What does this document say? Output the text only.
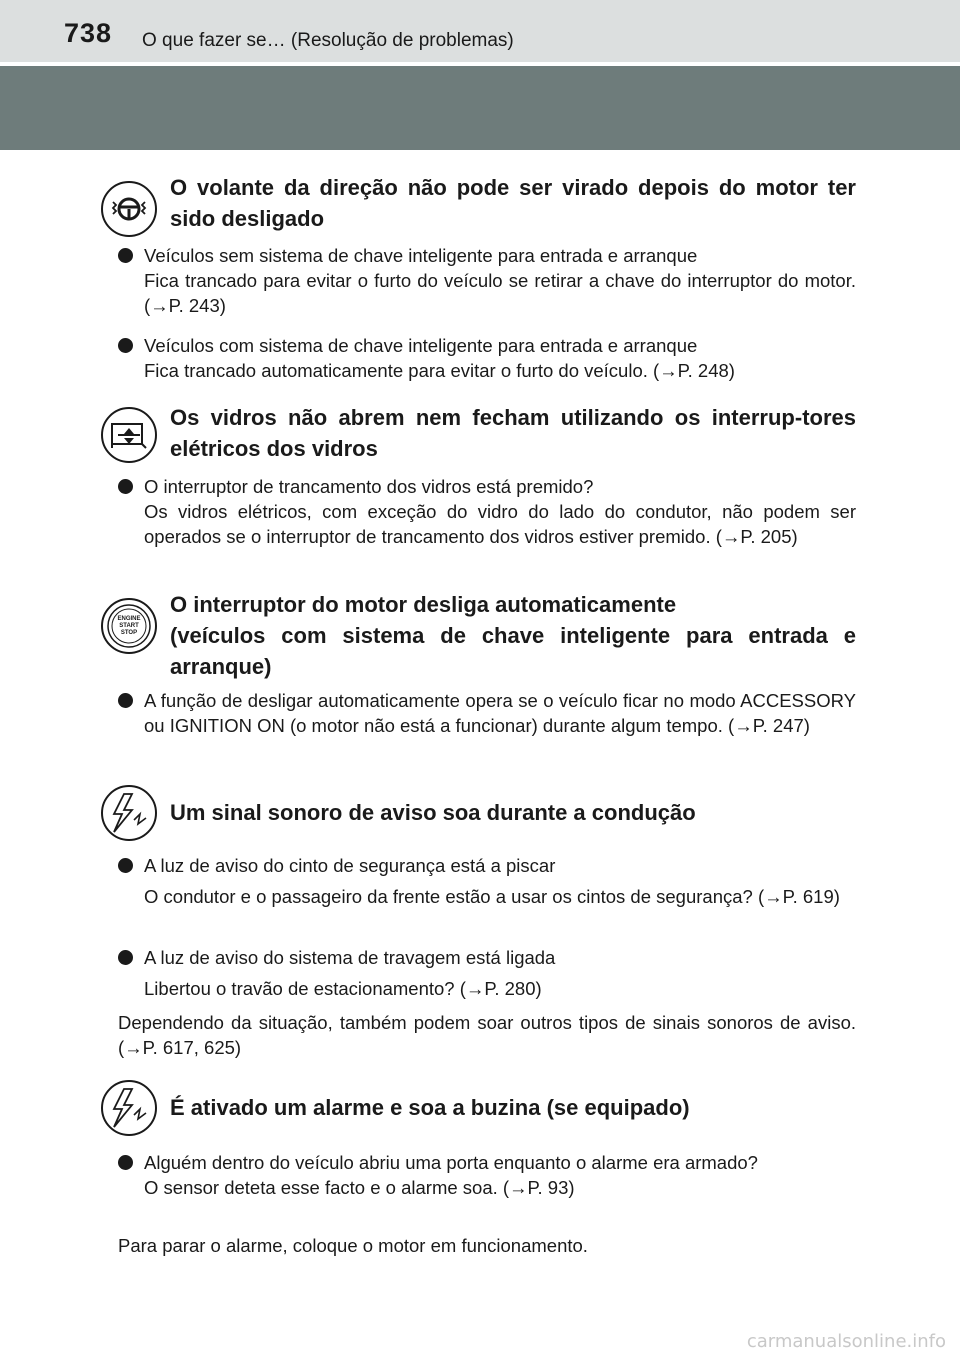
738 O que fazer se… (Resolução de problemas)
O volante da direção não pode ser virado depois do motor ter sido desligado
Veículos sem sistema de chave inteligente para entrada e arranque
Fica trancado para evitar o furto do veículo se retirar a chave do interruptor do motor. (→P. 243)
Veículos com sistema de chave inteligente para entrada e arranque
Fica trancado automaticamente para evitar o furto do veículo. (→P. 248)
Os vidros não abrem nem fecham utilizando os interrup-tores elétricos dos vidros
O interruptor de trancamento dos vidros está premido?
Os vidros elétricos, com exceção do vidro do lado do condutor, não podem ser operados se o interruptor de trancamento dos vidros estiver premido. (→P. 205)
ENGINE
START
STOP
O interruptor do motor desliga automaticamente
(veículos com sistema de chave inteligente para entrada e arranque)
A função de desligar automaticamente opera se o veículo ficar no modo ACCESSORY ou IGNITION ON (o motor não está a funcionar) durante algum tempo. (→P. 247)
Um sinal sonoro de aviso soa durante a condução
A luz de aviso do cinto de segurança está a piscar
O condutor e o passageiro da frente estão a usar os cintos de segurança? (→P. 619)
A luz de aviso do sistema de travagem está ligada
Libertou o travão de estacionamento? (→P. 280)
Dependendo da situação, também podem soar outros tipos de sinais sonoros de aviso. (→P. 617, 625)
É ativado um alarme e soa a buzina (se equipado)
Alguém dentro do veículo abriu uma porta enquanto o alarme era armado?
O sensor deteta esse facto e o alarme soa. (→P. 93)
Para parar o alarme, coloque o motor em funcionamento.
carmanualsonline.info
